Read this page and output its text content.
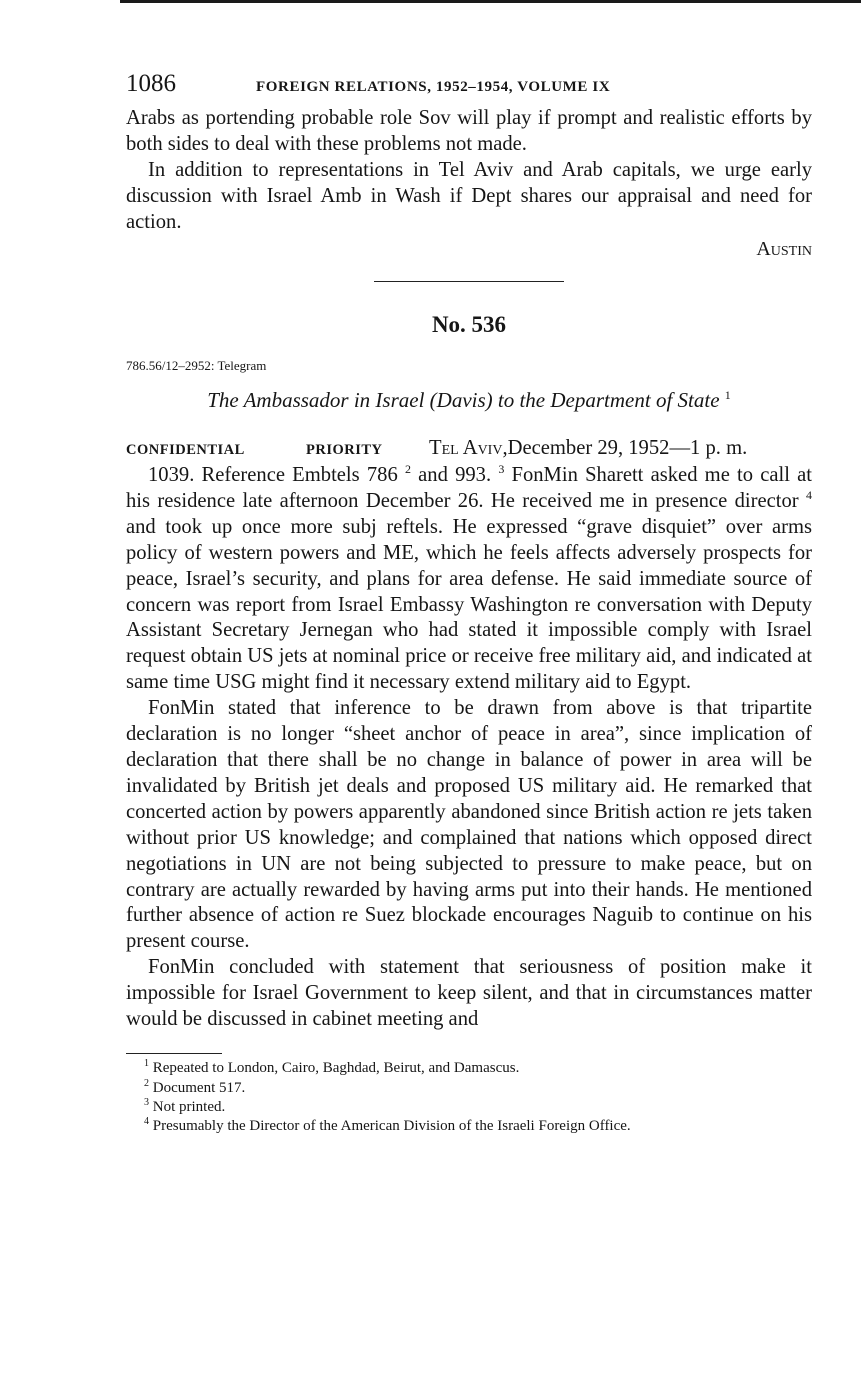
1086	FOREIGN RELATIONS, 1952–1954, VOLUME IX

Arabs as portending probable role Sov will play if prompt and realistic efforts by both sides to deal with these problems not made.

In addition to representations in Tel Aviv and Arab capitals, we urge early discussion with Israel Amb in Wash if Dept shares our appraisal and need for action.

Austin
No. 536
786.56/12–2952: Telegram
The Ambassador in Israel (Davis) to the Department of State $^1$
CONFIDENTIAL	PRIORITY	Tel Aviv, December 29, 1952—1 p. m.

1039. Reference Embtels 786 $^2$ and 993. $^3$ FonMin Sharett asked me to call at his residence late afternoon December 26. He received me in presence director $^4$ and took up once more subj reftels. He expressed “grave disquiet” over arms policy of western powers and ME, which he feels affects adversely prospects for peace, Israel’s security, and plans for area defense. He said immediate source of concern was report from Israel Embassy Washington re conversation with Deputy Assistant Secretary Jernegan who had stated it impossible comply with Israel request obtain US jets at nominal price or receive free military aid, and indicated at same time USG might find it necessary extend military aid to Egypt.

FonMin stated that inference to be drawn from above is that tripartite declaration is no longer “sheet anchor of peace in area”, since implication of declaration that there shall be no change in balance of power in area will be invalidated by British jet deals and proposed US military aid. He remarked that concerted action by powers apparently abandoned since British action re jets taken without prior US knowledge; and complained that nations which opposed direct negotiations in UN are not being subjected to pressure to make peace, but on contrary are actually rewarded by having arms put into their hands. He mentioned further absence of action re Suez blockade encourages Naguib to continue on his present course.

FonMin concluded with statement that seriousness of position make it impossible for Israel Government to keep silent, and that in circumstances matter would be discussed in cabinet meeting and

$^1$ Repeated to London, Cairo, Baghdad, Beirut, and Damascus.
$^2$ Document 517.
$^3$ Not printed.
$^4$ Presumably the Director of the American Division of the Israeli Foreign Office.
